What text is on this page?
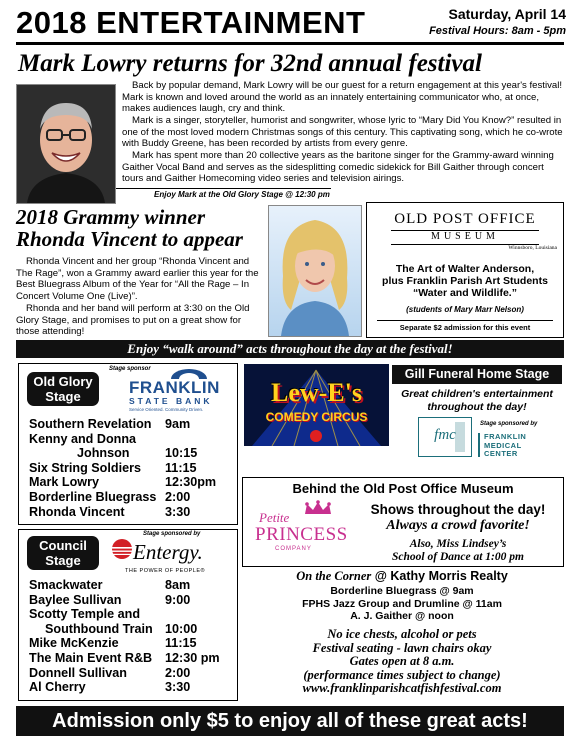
2018 ENTERTAINMENT	Saturday, April 14
Festival Hours: 8am - 5pm
Mark Lowry returns for 32nd annual festival
Back by popular demand, Mark Lowry will be our guest for a return engagement at this year's festival! Mark is known and loved around the world as an innately entertaining communicator who, at once, makes audiences laugh, cry and think.
Mark is a singer, storyteller, humorist and songwriter, whose lyric to “Mary Did You Know?” resulted in one of the most loved modern Christmas songs of this century. This captivating song, which he co-wrote with Buddy Greene, has been recorded by artists from every genre.
Mark has spent more than 20 collective years as the baritone singer for the Grammy-award winning Gaither Vocal Band and serves as the sidesplitting comedic sidekick for Bill Gaither through concert tours and Gaither Homecoming video series and television airings.
Enjoy Mark at the Old Glory Stage @ 12:30 pm
2018 Grammy winner
Rhonda Vincent to appear
Rhonda Vincent and her group “Rhonda Vincent and The Rage”, won a Grammy award earlier this year for the Best Bluegrass Album of the Year for “All the Rage – In Concert Volume One (Live)”.
Rhonda and her band will perform at 3:30 on the Old Glory Stage, and promises to put on a great show for those attending!
OLD POST OFFICE
MUSEUM
Winnsboro, Louisiana
The Art of Walter Anderson,
plus Franklin Parish Art Students
“Water and Wildlife.”
(students of Mary Marr Nelson)
Separate $2 admission for this event
Enjoy “walk around” acts throughout the day at the festival!
Old Glory
Stage
Stage sponsor
FRANKLIN
STATE BANK
Service Oriented. Community Driven.
Southern Revelation 9am
Kenny and Donna
Johnson	10:15
Six String Soldiers 11:15
Mark Lowry	12:30pm
Borderline Bluegrass 2:00
Rhonda Vincent	3:30
Council
Stage
Stage sponsored by
Entergy.
THE POWER OF PEOPLE®
Smackwater	8am
Baylee Sullivan	9:00
Scotty Temple and
Southbound Train 10:00
Mike McKenzie	11:15
The Main Event R&B 12:30 pm
Donnell Sullivan	2:00
Al Cherry	3:30
Lew-E's
COMEDY CIRCUS
Gill Funeral Home Stage
Great children's entertainment
throughout the day!
fmc
Stage sponsored by
FRANKLIN
MEDICAL
CENTER
Behind the Old Post Office Museum
Petite
PRINCESS
COMPANY
Shows throughout the day!
Always a crowd favorite!
Also, Miss Lindsey’s
School of Dance at 1:00 pm
On the Corner @ Kathy Morris Realty
Borderline Bluegrass @ 9am
FPHS Jazz Group and Drumline @ 11am
A. J. Gaither @ noon
No ice chests, alcohol or pets
Festival seating - lawn chairs okay
Gates open at 8 a.m.
(performance times subject to change)
www.franklinparishcatfishfestival.com
Admission only $5 to enjoy all of these great acts!
